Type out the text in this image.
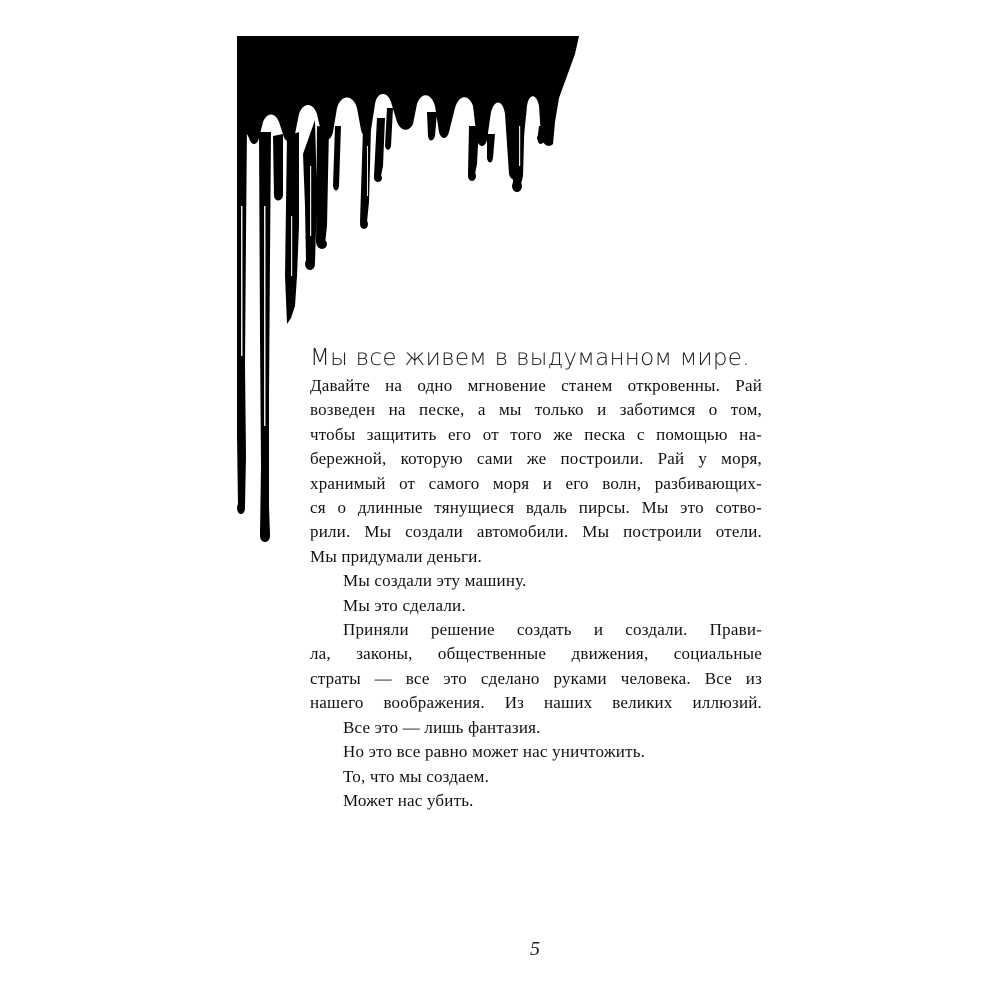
Мы все живем в выдуманном мире.

Давайте на одно мгновение станем откровенны. Рай
возведен на песке, а мы только и заботимся о том,
чтобы защитить его от того же песка с помощью на-
бережной, которую сами же построили. Рай у моря,
хранимый от самого моря и его волн, разбивающих-
ся о длинные тянущиеся вдаль пирсы. Мы это сотво-
рили. Мы создали автомобили. Мы построили отели.
Мы придумали деньги.
Мы создали эту машину.
Мы это сделали.
Приняли решение создать и создали. Прави-
ла, законы, общественные движения, социальные
страты — все это сделано руками человека. Все из
нашего воображения. Из наших великих иллюзий.
Все это — лишь фантазия.
Но это все равно может нас уничтожить.
То, что мы создаем.
Может нас убить.
5
